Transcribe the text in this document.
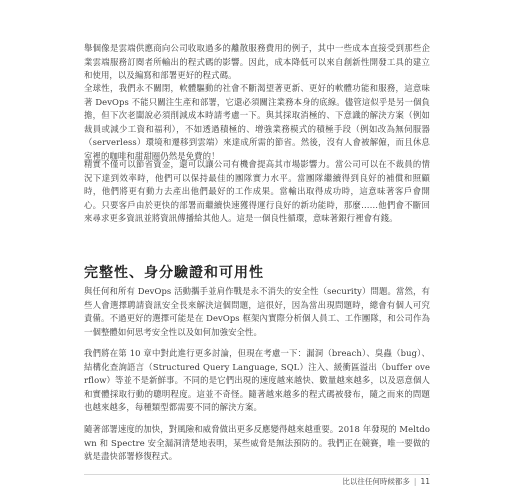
舉個像是雲端供應商向公司收取過多的離散服務費用的例子，其中一些成本直接受到那些企業雲端服務訂閱者所輸出的程式碼的影響。因此，成本降低可以來自創新性開發工具的建立和使用，以及編寫和部署更好的程式碼。

全球性，我們永不關閉，軟體驅動的社會不斷渴望著更新、更好的軟體功能和服務，這意味著 DevOps 不能只關注生產和部署，它還必須關注業務本身的底線。儘管這似乎是另一個負擔，但下次老闆說必須削減成本時請考慮一下。與其採取消極的、下意識的解決方案（例如裁員或減少工資和福利），不如透過積極的、增強業務模式的積極手段（例如改為無伺服器（serverless）環境和遷移到雲端）來達成所需的節省。然後，沒有人會被解僱，而且休息室裡的咖啡和甜甜圈仍然是免費的！

精實不僅可以節省資金，還可以讓公司有機會提高其市場影響力。當公司可以在不裁員的情況下達到效率時，他們可以保持最佳的團隊實力水平。當團隊繼續得到良好的補償和照顧時，他們將更有動力去產出他們最好的工作成果。當輸出取得成功時，這意味著客戶會開心。只要客戶由於更快的部署而繼續快速獲得運行良好的新功能時，那麼……他們會不斷回來尋求更多資訊並將資訊傳播給其他人。這是一個良性循環，意味著銀行裡會有錢。

完整性、身分驗證和可用性

與任何和所有 DevOps 活動攜手並肩作戰是永不消失的安全性（security）問題。當然，有些人會選擇聘請資訊安全長來解決這個問題，這很好，因為當出現問題時，總會有個人可究責備。不過更好的選擇可能是在 DevOps 框架內實際分析個人員工、工作團隊，和公司作為一個整體如何思考安全性以及如何加強安全性。

我們將在第 10 章中對此進行更多討論，但現在考慮一下：漏洞（breach）、臭蟲（bug）、結構化查詢語言（Structured Query Language, SQL）注入、緩衝區溢出（buffer overflow）等並不是新鮮事。不同的是它們出現的速度越來越快、數量越來越多，以及惡意個人和實體採取行動的聰明程度。這並不奇怪。隨著越來越多的程式碼被發布，隨之而來的問題也越來越多，每種類型都需要不同的解決方案。

隨著部署速度的加快，對風險和威脅做出更多反應變得越來越重要。2018 年發現的 Meltdown 和 Spectre 安全漏洞清楚地表明，某些威脅是無法預防的。我們正在競賽，唯一要做的就是盡快部署修復程式。

比以往任何時候都多 | 11
